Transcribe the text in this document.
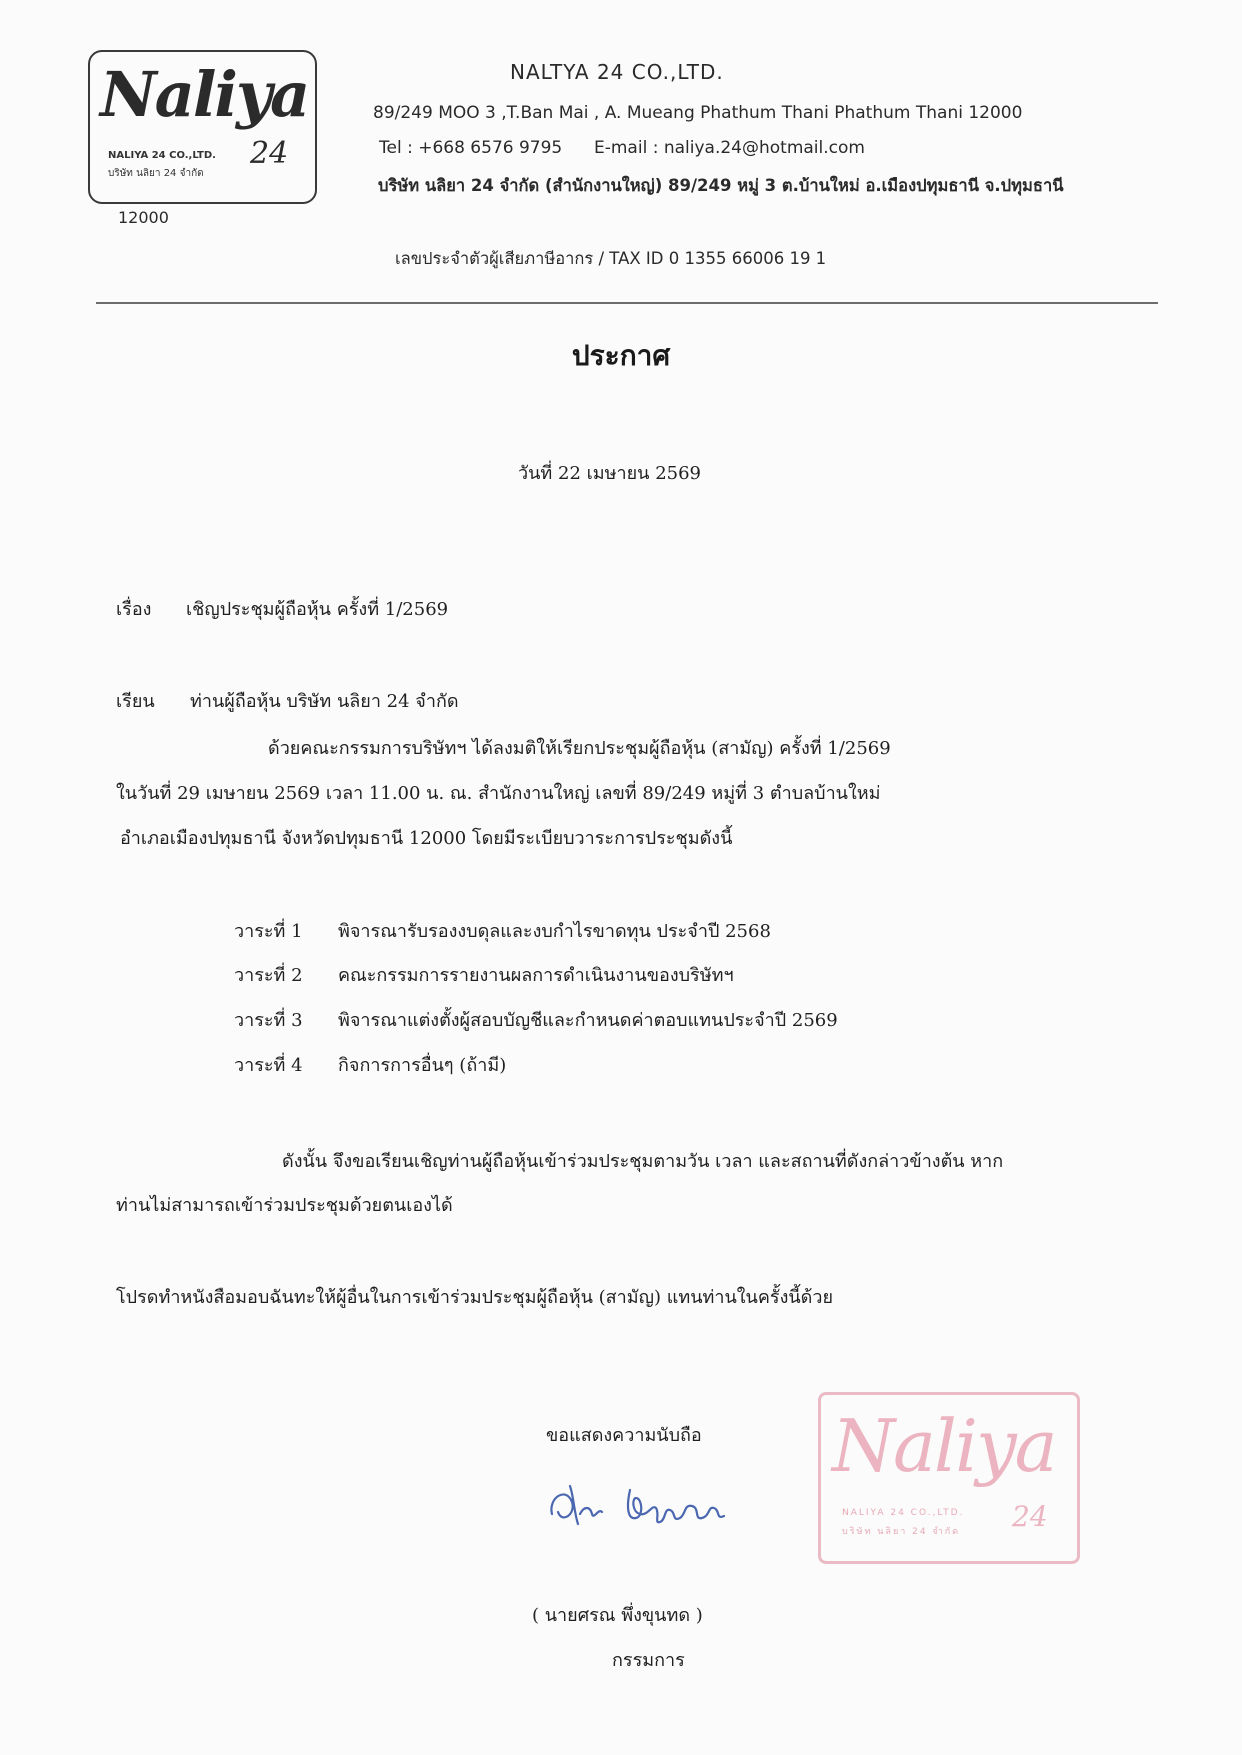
Naliya
24
NALIYA 24 CO.,LTD.
บริษัท นลิยา 24 จำกัด
12000
NALTYA 24 CO.,LTD.
89/249 MOO 3 ,T.Ban Mai , A. Mueang Phathum Thani Phathum Thani 12000
Tel : +668 6576 9795 E-mail : naliya.24@hotmail.com
บริษัท นลิยา 24 จำกัด (สำนักงานใหญ่) 89/249 หมู่ 3 ต.บ้านใหม่ อ.เมืองปทุมธานี จ.ปทุมธานี
เลขประจำตัวผู้เสียภาษีอากร / TAX ID 0 1355 66006 19 1
ประกาศ
วันที่ 22 เมษายน 2569
เรื่อง เชิญประชุมผู้ถือหุ้น ครั้งที่ 1/2569
เรียน ท่านผู้ถือหุ้น บริษัท นลิยา 24 จำกัด
ด้วยคณะกรรมการบริษัทฯ ได้ลงมติให้เรียกประชุมผู้ถือหุ้น (สามัญ) ครั้งที่ 1/2569
ในวันที่ 29 เมษายน 2569 เวลา 11.00 น. ณ. สำนักงานใหญ่ เลขที่ 89/249 หมู่ที่ 3 ตำบลบ้านใหม่
อำเภอเมืองปทุมธานี จังหวัดปทุมธานี 12000 โดยมีระเบียบวาระการประชุมดังนี้
วาระที่ 1 พิจารณารับรองงบดุลและงบกำไรขาดทุน ประจำปี 2568
วาระที่ 2 คณะกรรมการรายงานผลการดำเนินงานของบริษัทฯ
วาระที่ 3 พิจารณาแต่งตั้งผู้สอบบัญชีและกำหนดค่าตอบแทนประจำปี 2569
วาระที่ 4 กิจการการอื่นๆ (ถ้ามี)
ดังนั้น จึงขอเรียนเชิญท่านผู้ถือหุ้นเข้าร่วมประชุมตามวัน เวลา และสถานที่ดังกล่าวข้างต้น หาก
ท่านไม่สามารถเข้าร่วมประชุมด้วยตนเองได้
โปรดทำหนังสือมอบฉันทะให้ผู้อื่นในการเข้าร่วมประชุมผู้ถือหุ้น (สามัญ) แทนท่านในครั้งนี้ด้วย
ขอแสดงความนับถือ
( นายศรณ พึ่งขุนทด )
กรรมการ
Naliya
24
NALIYA 24 CO.,LTD.
บริษัท นลิยา 24 จำกัด
